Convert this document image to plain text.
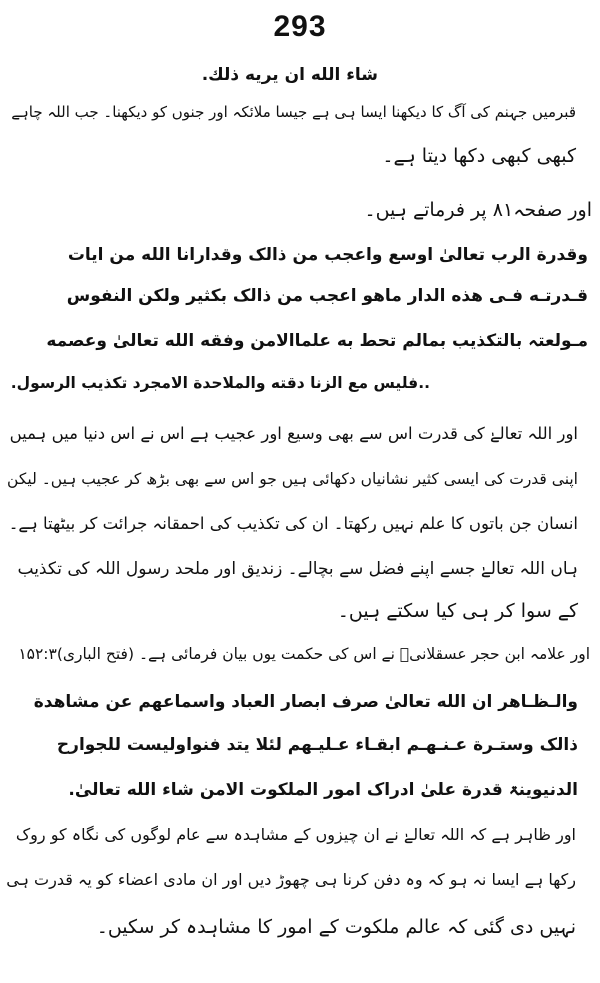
293
شاء الله ان يريه ذلك.
قبرمیں جہنم کی آگ کا دیکھنا ایسا ہی ہے جیسا ملائکہ اور جنوں کو دیکھنا۔ جب اللہ چاہے
کبھی کبھی دکھا دیتا ہے۔
اور صفحہ۸۱ پر فرماتے ہیں۔
وقدرة الرب تعالیٰ اوسع واعجب من ذالک وقدارانا الله من ايات
قـدرتـه فـی هذه الدار ماهو اعجب من ذالک بكثير ولكن النفوس
مـولعتہ بالتكذيب بمالم تحط به علماالامن وفقه الله تعالیٰ وعصمه
..فليس مع الزنا دقته والملاحدة الامجرد تكذيب الرسول.
اور اللہ تعالےٰ کی قدرت اس سے بھی وسیع اور عجیب ہے اس نے اس دنیا میں ہمیں
اپنی قدرت کی ایسی کثیر نشانیاں دکھائی ہیں جو اس سے بھی بڑھ کر عجیب ہیں۔ لیکن
انسان جن باتوں کا علم نہیں رکھتا۔ ان کی تکذیب کی احمقانہ جرائت کر بیٹھتا ہے۔
ہاں اللہ تعالےٰ جسے اپنے فضل سے بچالے۔ زندیق اور ملحد رسول اللہ کی تکذیب
کے سوا کر ہی کیا سکتے ہیں۔
اور علامہ ابن حجر عسقلانیؒ نے اس کی حکمت یوں بیان فرمائی ہے۔ (فتح الباری)۱۵۲:۳
والـظـاهر ان الله تعالیٰ صرف ابصار العباد واسماعهم عن مشاهدة
ذالک وستـرة عـنـهـم ابقـاء عـلیـهم لئلا يتد فنواوليست للجوارح
الدنيوينۃ قدرة علیٰ ادراک امور الملكوت الامن شاء الله تعالیٰ.
اور ظاہر ہے کہ اللہ تعالےٰ نے ان چیزوں کے مشاہدہ سے عام لوگوں کی نگاہ کو روک
رکھا ہے ایسا نہ ہو کہ وہ دفن کرنا ہی چھوڑ دیں اور ان مادی اعضاء کو یہ قدرت ہی
نہیں دی گئی کہ عالم ملکوت کے امور کا مشاہدہ کر سکیں۔
